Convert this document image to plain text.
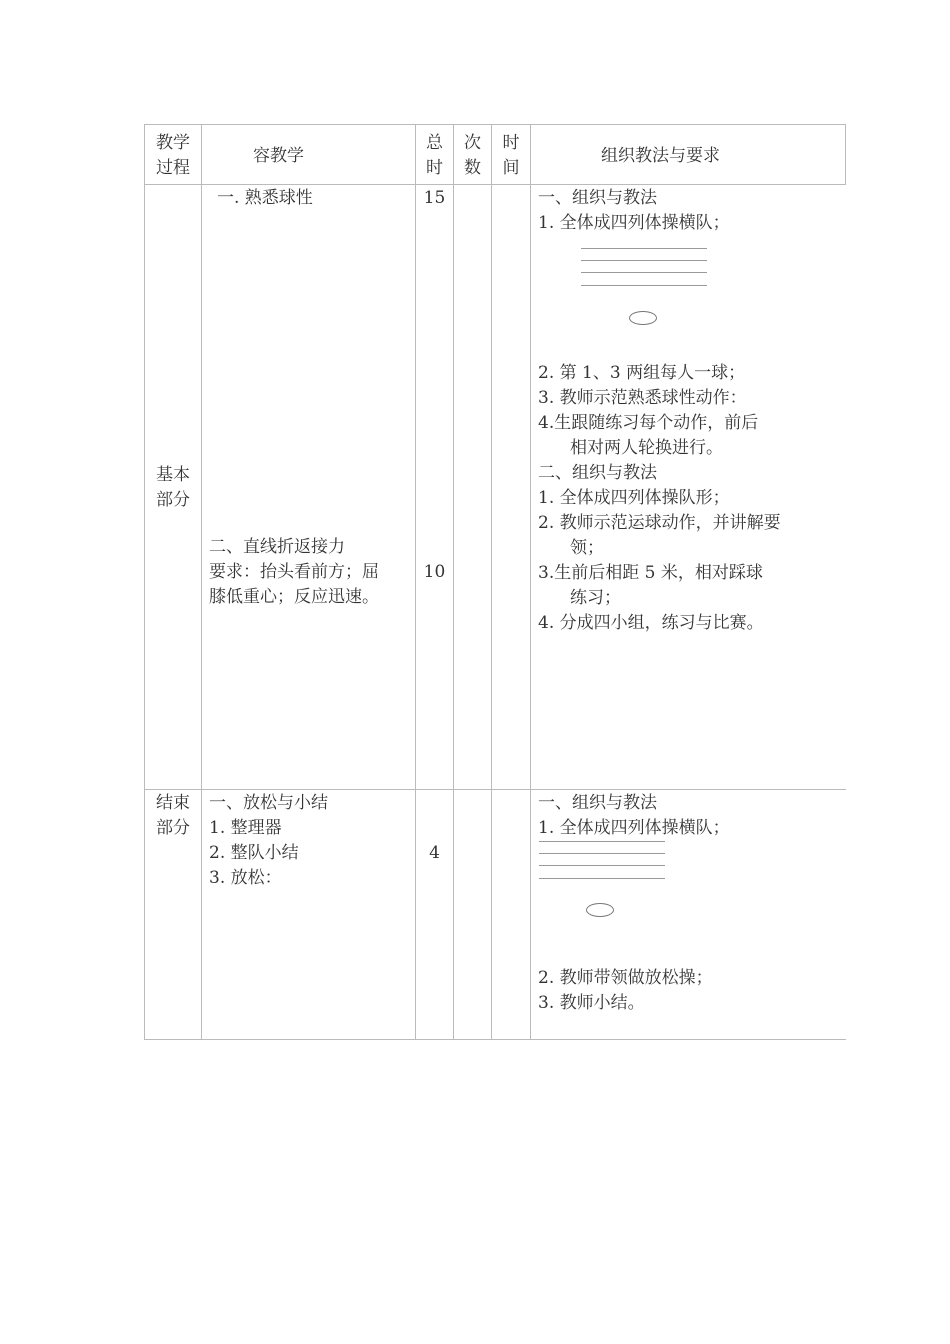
教学
过程
容教学
总
时
次
数
时
间
组织教法与要求
基本
部分
一. 熟悉球性	15
二、直线折返接力
要求：抬头看前方；屈
膝低重心；反应迅速。
10
一、组织与教法
1. 全体成四列体操横队；
2. 第 1、3 两组每人一球；
3. 教师示范熟悉球性动作：
4.生跟随练习每个动作，前后
相对两人轮换进行。
二、组织与教法
1. 全体成四列体操队形；
2. 教师示范运球动作，并讲解要
领；
3.生前后相距 5 米，相对踩球
练习；
4. 分成四小组，练习与比赛。
结束
部分
一、放松与小结
1. 整理器
2. 整队小结
3. 放松：
4
一、组织与教法
1. 全体成四列体操横队；
2. 教师带领做放松操；
3. 教师小结。
